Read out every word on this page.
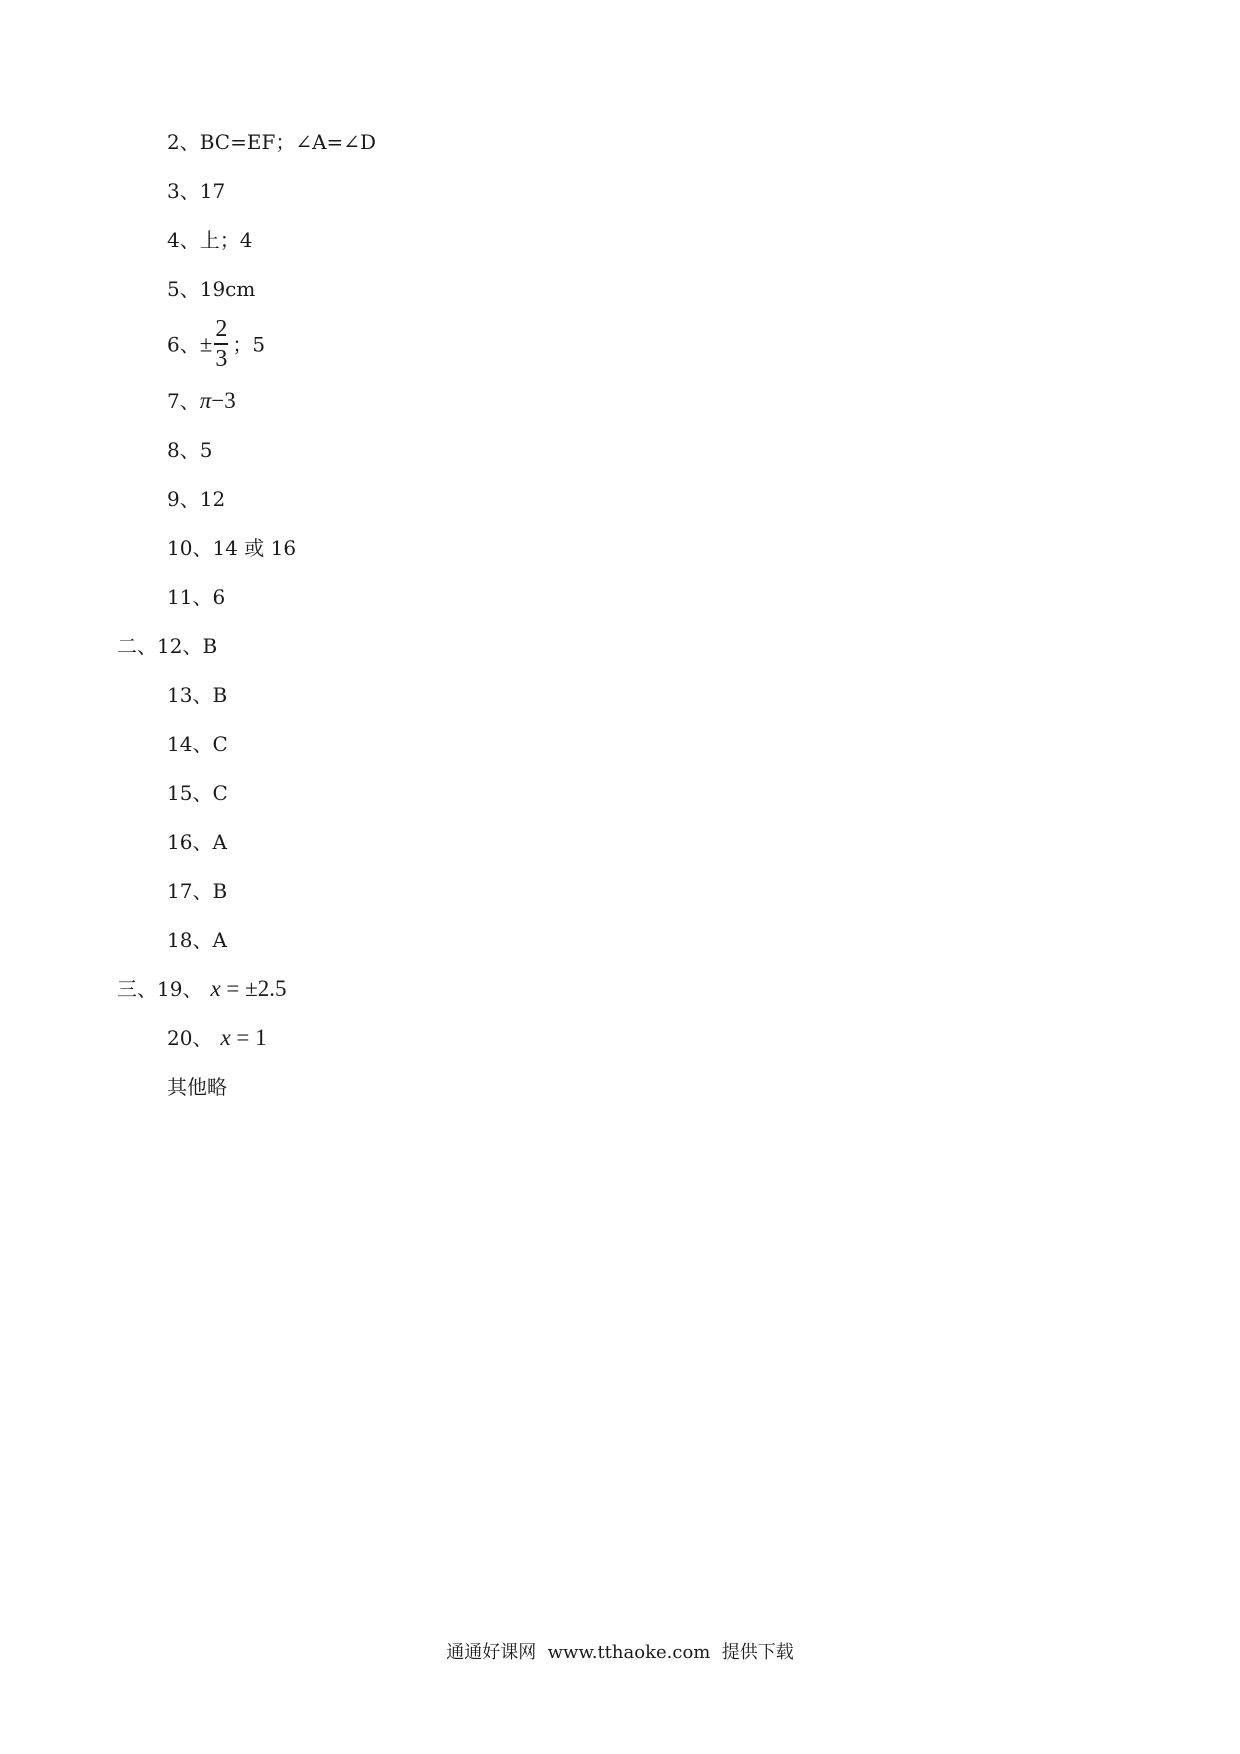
2、BC=EF；∠A=∠D
3、17
4、上；4
5、19cm
6、± $\frac{2}{3}$ ；5
7、π−3
8、5
9、12
10、14 或 16
11、6
二、12、B
13、B
14、C
15、C
16、A
17、B
18、A
三、19、 x = ±2.5
20、 x = 1
其他略
通通好课网  www.tthaoke.com  提供下载
